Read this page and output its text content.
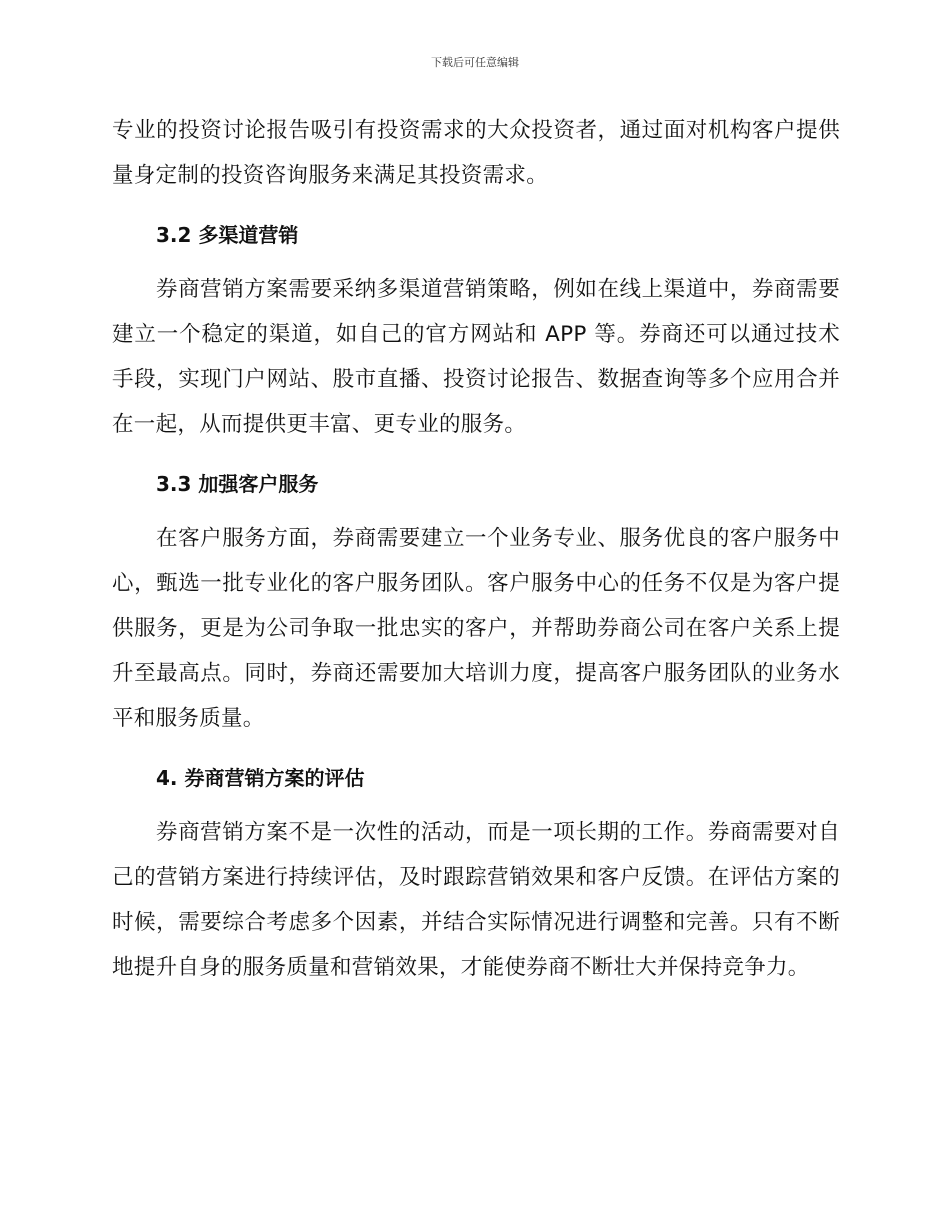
下载后可任意编辑

专业的投资讨论报告吸引有投资需求的大众投资者，通过面对机构客户提供量身定制的投资咨询服务来满足其投资需求。

3.2 多渠道营销

券商营销方案需要采纳多渠道营销策略，例如在线上渠道中，券商需要建立一个稳定的渠道，如自己的官方网站和 APP 等。券商还可以通过技术手段，实现门户网站、股市直播、投资讨论报告、数据查询等多个应用合并在一起，从而提供更丰富、更专业的服务。

3.3 加强客户服务

在客户服务方面，券商需要建立一个业务专业、服务优良的客户服务中心，甄选一批专业化的客户服务团队。客户服务中心的任务不仅是为客户提供服务，更是为公司争取一批忠实的客户，并帮助券商公司在客户关系上提升至最高点。同时，券商还需要加大培训力度，提高客户服务团队的业务水平和服务质量。

4. 券商营销方案的评估

券商营销方案不是一次性的活动，而是一项长期的工作。券商需要对自己的营销方案进行持续评估，及时跟踪营销效果和客户反馈。在评估方案的时候，需要综合考虑多个因素，并结合实际情况进行调整和完善。只有不断地提升自身的服务质量和营销效果，才能使券商不断壮大并保持竞争力。
